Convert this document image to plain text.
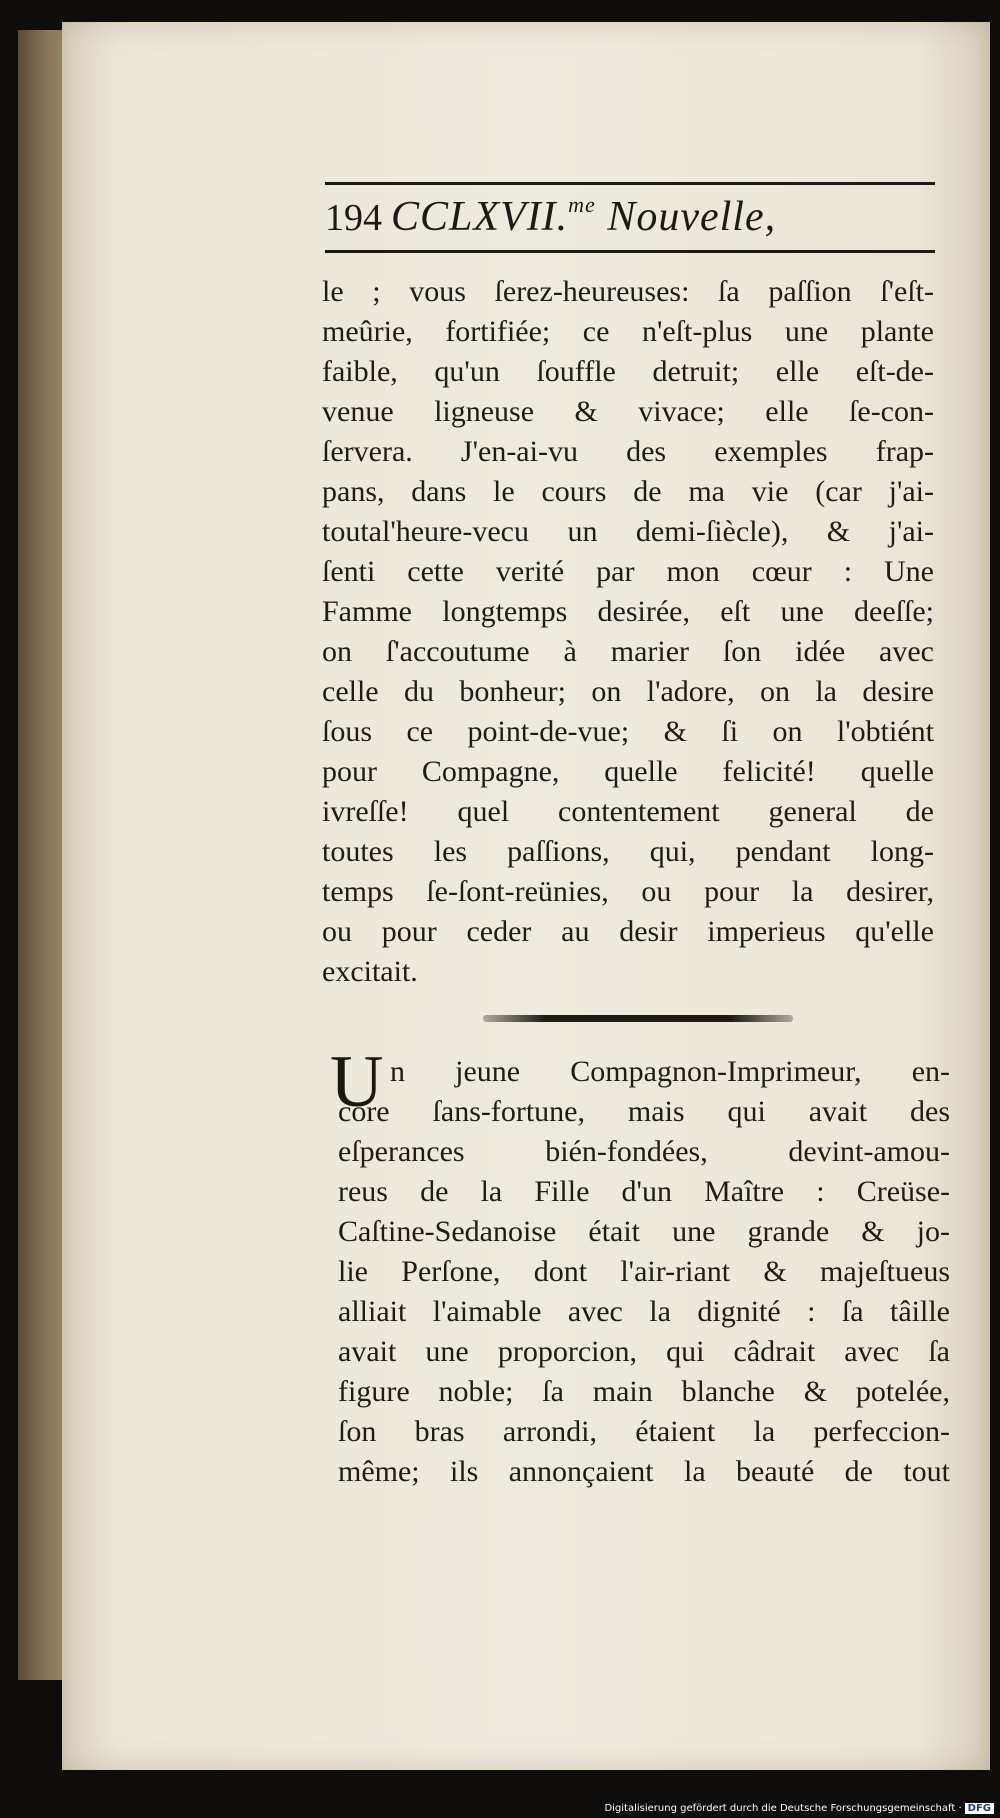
194 CCLXVII.$^{me}$ Nouvelle,
le ; vous ſerez-heureuses: ſa paſſion ſ'eſt-
meûrie, fortifiée; ce n'eſt-plus une plante
faible, qu'un ſouffle detruit; elle eſt-de-
venue ligneuse & vivace; elle ſe-con-
ſervera. J'en-ai-vu des exemples frap-
pans, dans le cours de ma vie (car j'ai-
toutal'heure-vecu un demi-ſiècle), & j'ai-
ſenti cette verité par mon cœur : Une
Famme longtemps desirée, eſt une deeſſe;
on ſ'accoutume à marier ſon idée avec
celle du bonheur; on l'adore, on la desire
ſous ce point-de-vue; & ſi on l'obtiént
pour Compagne, quelle felicité! quelle
ivreſſe! quel contentement general de
toutes les paſſions, qui, pendant long-
temps ſe-ſont-reünies, ou pour la desirer,
ou pour ceder au desir imperieus qu'elle
excitait.
U n jeune Compagnon-Imprimeur, en-
core ſans-fortune, mais qui avait des
eſperances bién-fondées, devint-amou-
reus de la Fille d'un Maître : Creüse-
Caſtine-Sedanoise était une grande & jo-
lie Perſone, dont l'air-riant & majeſtueus
alliait l'aimable avec la dignité : ſa tâille
avait une proporcion, qui câdrait avec ſa
figure noble; ſa main blanche & potelée,
ſon bras arrondi, étaient la perfeccion-
même; ils annonçaient la beauté de tout
Digitalisierung gefördert durch die Deutsche Forschungsgemeinschaft · DFG
